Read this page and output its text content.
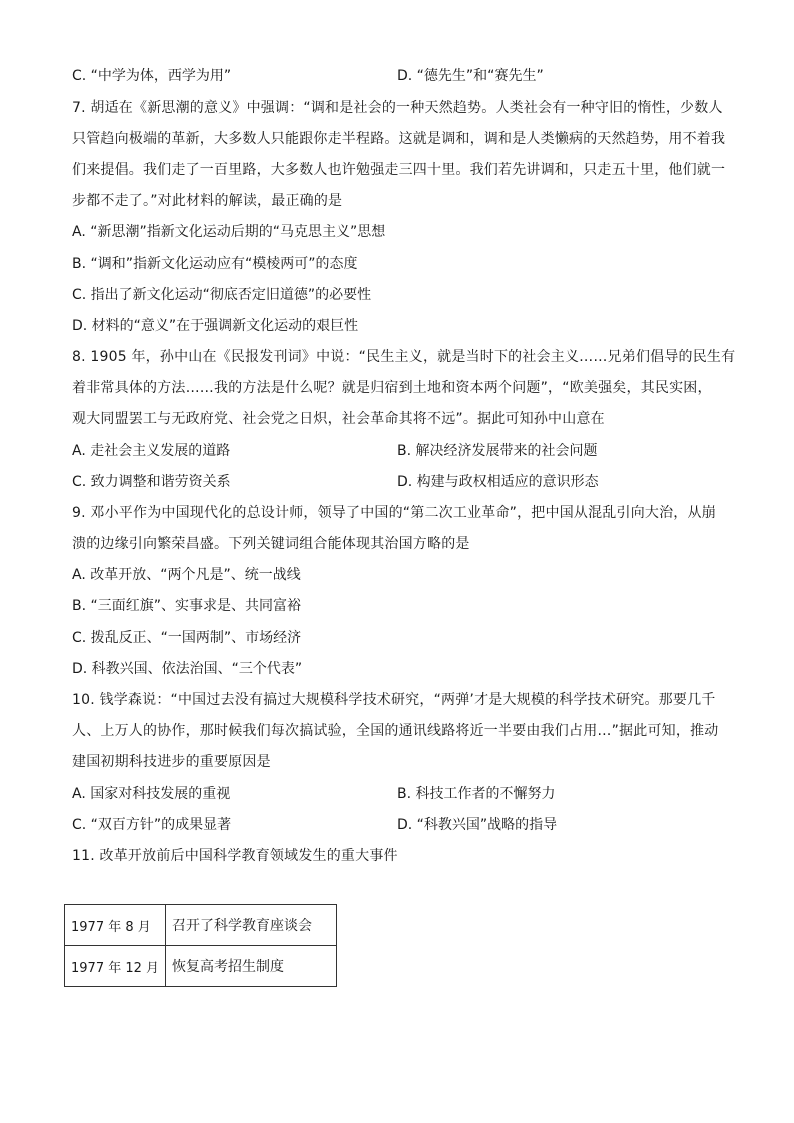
C. “中学为体，西学为用”	D. “德先生”和“赛先生”
7. 胡适在《新思潮的意义》中强调：“调和是社会的一种天然趋势。人类社会有一种守旧的惰性，少数人
只管趋向极端的革新，大多数人只能跟你走半程路。这就是调和，调和是人类懒病的天然趋势，用不着我
们来提倡。我们走了一百里路，大多数人也许勉强走三四十里。我们若先讲调和，只走五十里，他们就一
步都不走了。”对此材料的解读，最正确的是
A. “新思潮”指新文化运动后期的“马克思主义”思想
B. “调和”指新文化运动应有“模棱两可”的态度
C. 指出了新文化运动“彻底否定旧道德”的必要性
D. 材料的“意义”在于强调新文化运动的艰巨性
8. 1905 年，孙中山在《民报发刊词》中说：“民生主义，就是当时下的社会主义……兄弟们倡导的民生有
着非常具体的方法……我的方法是什么呢？就是归宿到土地和资本两个问题”，“欧美强矣，其民实困，
观大同盟罢工与无政府党、社会党之日炽，社会革命其将不远”。据此可知孙中山意在
A. 走社会主义发展的道路	B. 解决经济发展带来的社会问题
C. 致力调整和谐劳资关系	D. 构建与政权相适应的意识形态
9. 邓小平作为中国现代化的总设计师，领导了中国的“第二次工业革命”，把中国从混乱引向大治，从崩
溃的边缘引向繁荣昌盛。下列关键词组合能体现其治国方略的是
A. 改革开放、“两个凡是”、统一战线
B. “三面红旗”、实事求是、共同富裕
C. 拨乱反正、“一国两制”、市场经济
D. 科教兴国、依法治国、“三个代表”
10. 钱学森说：“中国过去没有搞过大规模科学技术研究，“两弹’才是大规模的科学技术研究。那要几千
人、上万人的协作，那时候我们每次搞试验，全国的通讯线路将近一半要由我们占用…”据此可知，推动
建国初期科技进步的重要原因是
A. 国家对科技发展的重视	B. 科技工作者的不懈努力
C. “双百方针”的成果显著	D. “科教兴国”战略的指导
11. 改革开放前后中国科学教育领域发生的重大事件
1977 年 8 月	召开了科学教育座谈会
1977 年 12 月	恢复高考招生制度
